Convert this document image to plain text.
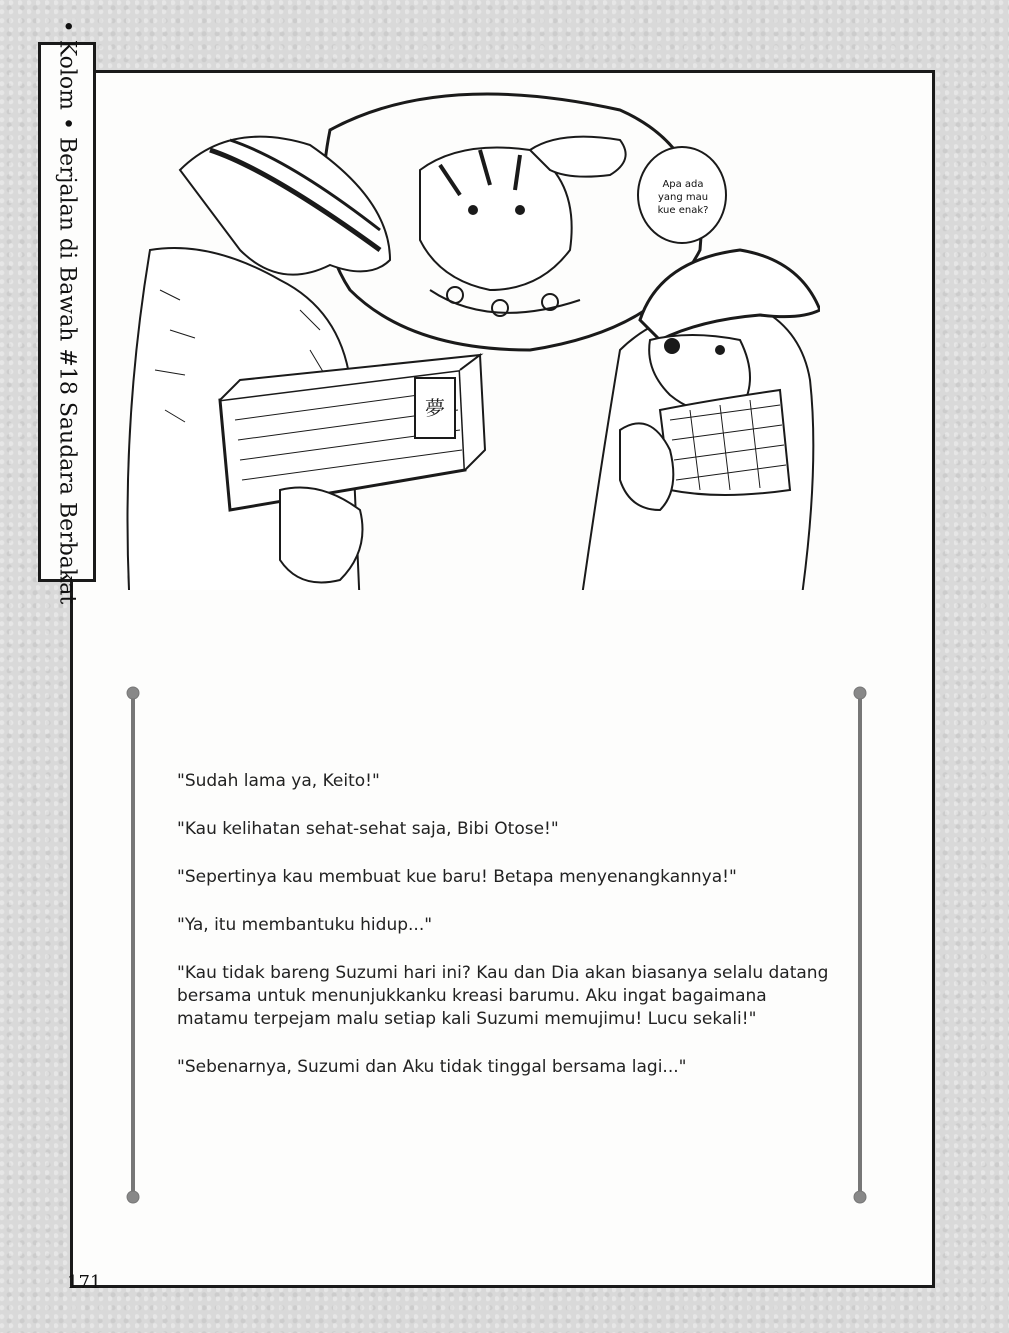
• Kolom • Berjalan di Bawah #18 Saudara Berbakat	夢
Apa ada yang mau kue enak?

"Sudah lama ya, Keito!"

"Kau kelihatan sehat-sehat saja, Bibi Otose!"

"Sepertinya kau membuat kue baru! Betapa menyenangkannya!"

"Ya, itu membantuku hidup..."

"Kau tidak bareng Suzumi hari ini? Kau dan Dia akan biasanya selalu datang bersama untuk menunjukkanku kreasi barumu. Aku ingat bagaimana matamu terpejam malu setiap kali Suzumi memujimu! Lucu sekali!"

"Sebenarnya, Suzumi dan Aku tidak tinggal bersama lagi..."

171
